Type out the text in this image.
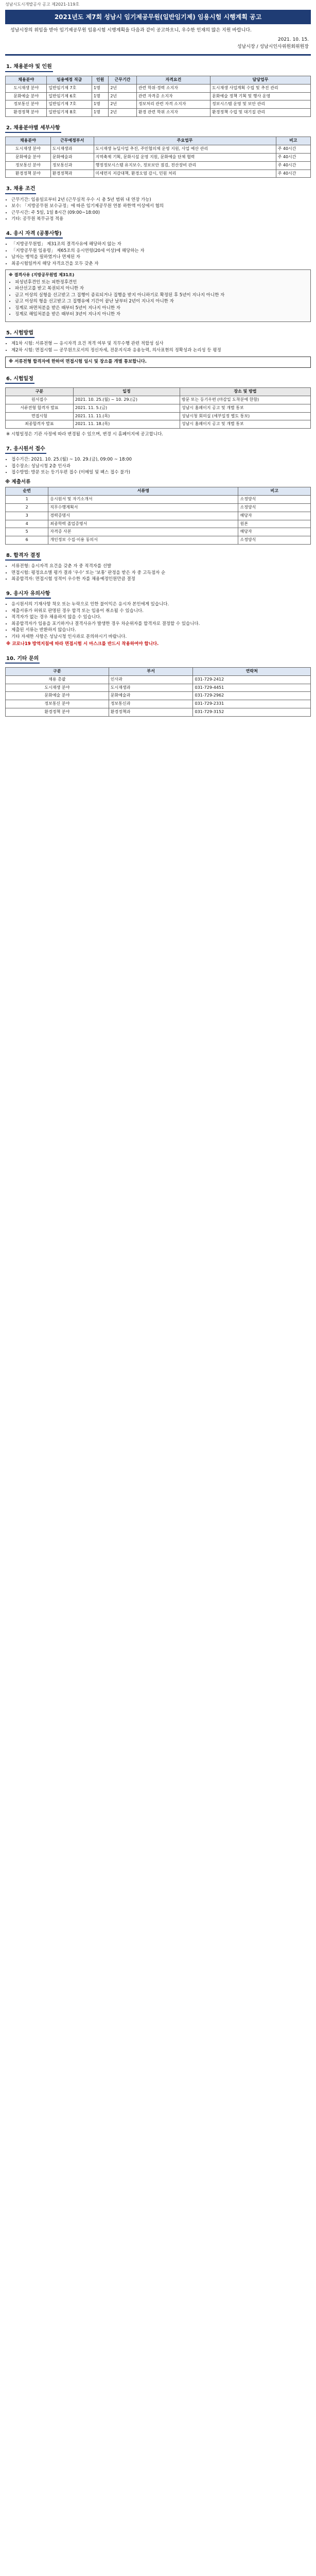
성남시도시개발공사 공고 제2021-119호
2021년도 제7회 성남시 임기제공무원(일반임기제) 임용시험 시행계획 공고

성남시장의 위임을 받아 임기제공무원 임용시험 시행계획을 다음과 같이 공고하오니, 우수한 인재의 많은 지원 바랍니다.

2021. 10. 15.
성남시장 / 성남시인사위원회위원장
1. 채용분야 및 인원
채용분야	임용예정 직급	인원	근무기간	자격요건	담당업무
도시재생 분야	일반임기제 7호	1명	2년	관련 학위·경력 소지자	도시재생 사업계획 수립 및 추진 관리
문화예술 분야	일반임기제 6호	1명	2년	관련 자격증 소지자	문화예술 정책 기획 및 행사 운영
정보통신 분야	일반임기제 7호	1명	2년	정보처리 관련 자격 소지자	정보시스템 운영 및 보안 관리
환경정책 분야	일반임기제 8호	1명	2년	환경 관련 학위 소지자	환경정책 수립 및 대기질 관리
2. 채용분야별 세부사항
채용분야	근무예정부서	주요업무	비고
도시재생 분야	도시재생과	도시재생 뉴딜사업 추진, 주민협의체 운영 지원, 사업 예산 관리	주 40시간
문화예술 분야	문화예술과	지역축제 기획, 문화시설 운영 지원, 문화예술 단체 협력	주 40시간
정보통신 분야	정보통신과	행정정보시스템 유지보수, 정보보안 점검, 전산장비 관리	주 40시간
환경정책 분야	환경정책과	미세먼지 저감대책, 환경오염 감시, 민원 처리	주 40시간
3. 채용 조건
• 근무기간: 임용일로부터 2년 (근무실적 우수 시 총 5년 범위 내 연장 가능)
• 보수: 「지방공무원 보수규정」에 따른 임기제공무원 연봉 하한액 이상에서 협의
• 근무시간: 주 5일, 1일 8시간 (09:00~18:00)
• 기타: 공무원 복무규정 적용
4. 응시 자격 (공통사항)
• 「지방공무원법」 제31조의 결격사유에 해당하지 않는 자
• 「지방공무원 임용령」 제65조의 응시연령(20세 이상)에 해당하는 자
• 남자는 병역을 필하였거나 면제된 자
• 최종시험일까지 해당 자격요건을 모두 갖춘 자
※ 결격사유 (지방공무원법 제31조)
• 피성년후견인 또는 피한정후견인
• 파산선고를 받고 복권되지 아니한 자
• 금고 이상의 실형을 선고받고 그 집행이 종료되거나 집행을 받지 아니하기로 확정된 후 5년이 지나지 아니한 자
• 금고 이상의 형을 선고받고 그 집행유예 기간이 끝난 날부터 2년이 지나지 아니한 자
• 징계로 파면처분을 받은 때부터 5년이 지나지 아니한 자
• 징계로 해임처분을 받은 때부터 3년이 지나지 아니한 자
5. 시험방법
• 제1차 시험: 서류전형 — 응시자격 요건 적격 여부 및 직무수행 관련 적합성 심사
• 제2차 시험: 면접시험 — 공무원으로서의 정신자세, 전문지식과 응용능력, 의사표현의 정확성과 논리성 등 평정
※ 서류전형 합격자에 한하여 면접시험 일시 및 장소를 개별 통보합니다.
6. 시험일정
구분	일정	장소 및 방법
원서접수	2021. 10. 25.(월) ~ 10. 29.(금)	방문 또는 등기우편 (마감일 도착분에 한함)
서류전형 합격자 발표	2021. 11. 5.(금)	성남시 홈페이지 공고 및 개별 통보
면접시험	2021. 11. 11.(목)	성남시청 회의실 (세부일정 별도 통보)
최종합격자 발표	2021. 11. 18.(목)	성남시 홈페이지 공고 및 개별 통보

※ 시험일정은 기관 사정에 따라 변경될 수 있으며, 변경 시 홈페이지에 공고합니다.

7. 응시원서 접수
• 접수기간: 2021. 10. 25.(월) ~ 10. 29.(금), 09:00 ~ 18:00
• 접수장소: 성남시청 2층 인사과
• 접수방법: 방문 또는 등기우편 접수 (이메일 및 팩스 접수 불가)
※ 제출서류
순번	서류명	비고
1	응시원서 및 자기소개서	소정양식
2	직무수행계획서	소정양식
3	경력증명서	해당자
4	최종학력 졸업증명서	원본
5	자격증 사본	해당자
6	개인정보 수집·이용 동의서	소정양식
8. 합격자 결정
• 서류전형: 응시자격 요건을 갖춘 자 중 적격자를 선발
• 면접시험: 평정요소별 평가 결과 '우수' 또는 '보통' 판정을 받은 자 중 고득점자 순
• 최종합격자: 면접시험 성적이 우수한 자를 채용예정인원만큼 결정
9. 응시자 유의사항
• 응시원서의 기재사항 착오 또는 누락으로 인한 불이익은 응시자 본인에게 있습니다.
• 제출서류가 허위로 판명된 경우 합격 또는 임용이 취소될 수 있습니다.
• 적격자가 없는 경우 채용하지 않을 수 있습니다.
• 최종합격자가 임용을 포기하거나 결격사유가 발생한 경우 차순위자를 합격자로 결정할 수 있습니다.
• 제출된 서류는 반환하지 않습니다.
• 기타 자세한 사항은 성남시청 인사과로 문의하시기 바랍니다.

※ 코로나19 방역지침에 따라 면접시험 시 마스크를 반드시 착용하여야 합니다.

10. 기타 문의
구분	부서	연락처
채용 총괄	인사과	031-729-2412
도시재생 분야	도시재생과	031-729-4451
문화예술 분야	문화예술과	031-729-2962
정보통신 분야	정보통신과	031-729-2331
환경정책 분야	환경정책과	031-729-3152
